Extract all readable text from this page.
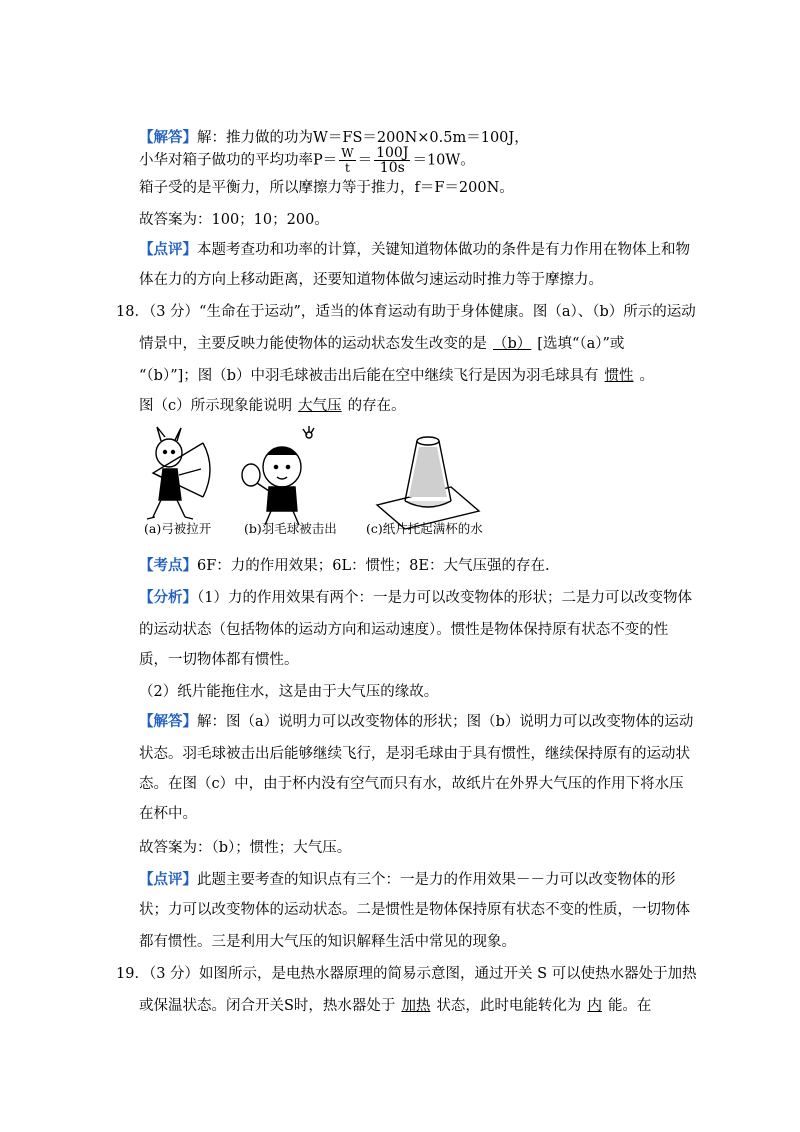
【解答】解：推力做的功为W＝FS＝200N×0.5m＝100J，
小华对箱子做功的平均功率$P= \frac{W}{t} = \frac{100J}{10s} =10W$。
箱子受的是平衡力，所以摩擦力等于推力，f＝F＝200N。
故答案为：100；10；200。
【点评】本题考查功和功率的计算，关键知道物体做功的条件是有力作用在物体上和物
体在力的方向上移动距离，还要知道物体做匀速运动时推力等于摩擦力。
18．（3 分）“生命在于运动”，适当的体育运动有助于身体健康。图（a）、（b）所示的运动
情景中，主要反映力能使物体的运动状态发生改变的是 （b） [选填“（a）”或
“（b）”]；图（b）中羽毛球被击出后能在空中继续飞行是因为羽毛球具有 惯性 。
图（c）所示现象能说明 大气压 的存在。
(a)弓被拉开	(b)羽毛球被击出 (c)纸片托起满杯的水
【考点】6F：力的作用效果；6L：惯性；8E：大气压强的存在.
【分析】（1）力的作用效果有两个：一是力可以改变物体的形状；二是力可以改变物体
的运动状态（包括物体的运动方向和运动速度）。惯性是物体保持原有状态不变的性
质，一切物体都有惯性。
（2）纸片能拖住水，这是由于大气压的缘故。
【解答】解：图（a）说明力可以改变物体的形状；图（b）说明力可以改变物体的运动
状态。羽毛球被击出后能够继续飞行，是羽毛球由于具有惯性，继续保持原有的运动状
态。在图（c）中，由于杯内没有空气而只有水，故纸片在外界大气压的作用下将水压
在杯中。
故答案为：（b）；惯性；大气压。
【点评】此题主要考查的知识点有三个：一是力的作用效果－－力可以改变物体的形
状；力可以改变物体的运动状态。二是惯性是物体保持原有状态不变的性质，一切物体
都有惯性。三是利用大气压的知识解释生活中常见的现象。
19．（3 分）如图所示，是电热水器原理的简易示意图，通过开关 S 可以使热水器处于加热
或保温状态。闭合开关S时，热水器处于 加热 状态，此时电能转化为 内 能。在
